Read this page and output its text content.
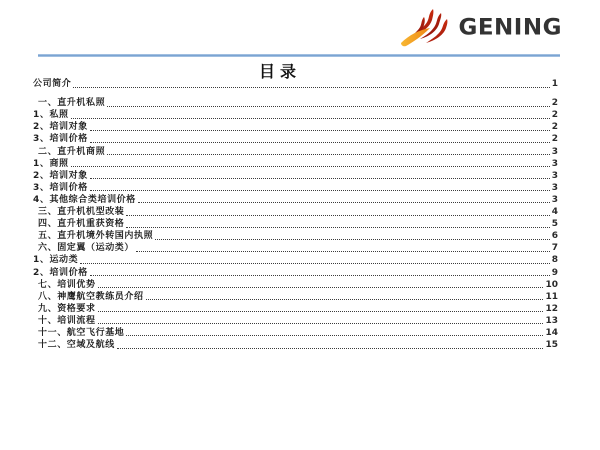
GENING
目录
公司简介	1
一、直升机私照	2
1、私照	2
2、培训对象	2
3、培训价格	2
二、直升机商照	3
1、商照	3
2、培训对象	3
3、培训价格	3
4、其他综合类培训价格	3
三、直升机机型改装	4
四、直升机重获资格	5
五、直升机境外转国内执照	6
六、固定翼（运动类）	7
1、运动类	8
2、培训价格	9
七、培训优势	10
八、神鹰航空教练员介绍	11
九、资格要求	12
十、培训流程	13
十一、航空飞行基地	14
十二、空域及航线	15
